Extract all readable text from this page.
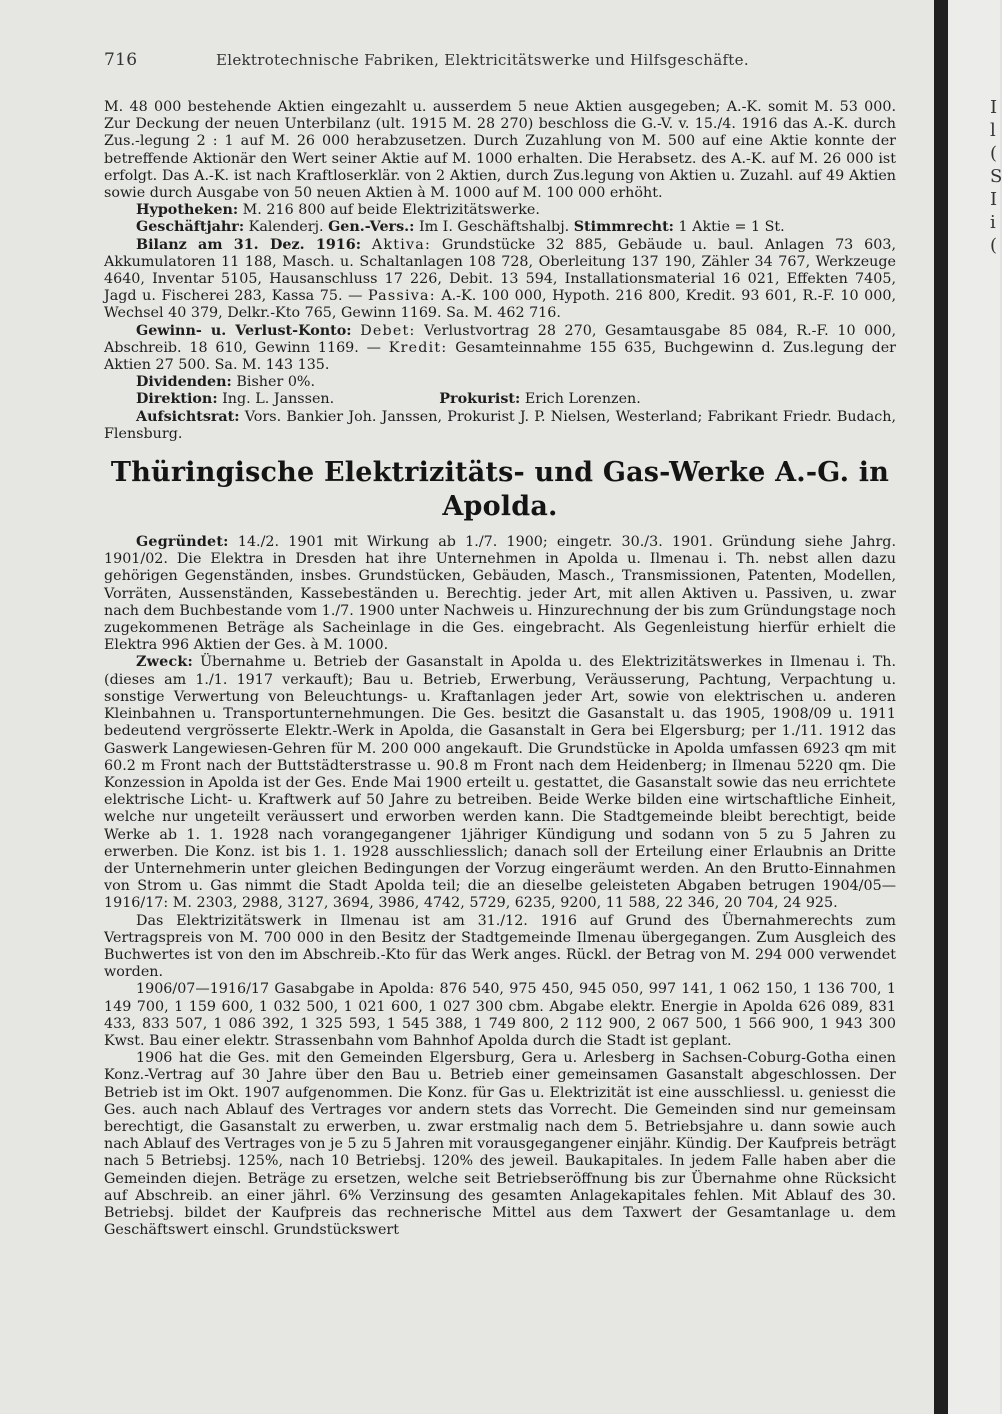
I
l
(
S
I
i
(
716	Elektrotechnische Fabriken, Elektricitätswerke und Hilfsgeschäfte.

M. 48 000 bestehende Aktien eingezahlt u. ausserdem 5 neue Aktien ausgegeben; A.-K. somit M. 53 000. Zur Deckung der neuen Unterbilanz (ult. 1915 M. 28 270) beschloss die G.-V. v. 15./4. 1916 das A.-K. durch Zus.-legung 2 : 1 auf M. 26 000 herabzusetzen. Durch Zuzahlung von M. 500 auf eine Aktie konnte der betreffende Aktionär den Wert seiner Aktie auf M. 1000 erhalten. Die Herabsetz. des A.-K. auf M. 26 000 ist erfolgt. Das A.-K. ist nach Kraftloserklär. von 2 Aktien, durch Zus.legung von Aktien u. Zuzahl. auf 49 Aktien sowie durch Ausgabe von 50 neuen Aktien à M. 1000 auf M. 100 000 erhöht.

Hypotheken: M. 216 800 auf beide Elektrizitätswerke.

Geschäftjahr: Kalenderj. Gen.-Vers.: Im I. Geschäftshalbj. Stimmrecht: 1 Aktie = 1 St.

Bilanz am 31. Dez. 1916: Aktiva: Grundstücke 32 885, Gebäude u. baul. Anlagen 73 603, Akkumulatoren 11 188, Masch. u. Schaltanlagen 108 728, Oberleitung 137 190, Zähler 34 767, Werkzeuge 4640, Inventar 5105, Hausanschluss 17 226, Debit. 13 594, Installationsmaterial 16 021, Effekten 7405, Jagd u. Fischerei 283, Kassa 75. — Passiva: A.-K. 100 000, Hypoth. 216 800, Kredit. 93 601, R.-F. 10 000, Wechsel 40 379, Delkr.-Kto 765, Gewinn 1169. Sa. M. 462 716.

Gewinn- u. Verlust-Konto: Debet: Verlustvortrag 28 270, Gesamtausgabe 85 084, R.-F. 10 000, Abschreib. 18 610, Gewinn 1169. — Kredit: Gesamteinnahme 155 635, Buchgewinn d. Zus.legung der Aktien 27 500. Sa. M. 143 135.

Dividenden: Bisher 0%.

Direktion: Ing. L. Janssen.	Prokurist: Erich Lorenzen.

Aufsichtsrat: Vors. Bankier Joh. Janssen, Prokurist J. P. Nielsen, Westerland; Fabrikant Friedr. Budach, Flensburg.

Thüringische Elektrizitäts- und Gas-Werke A.-G. in Apolda.

Gegründet: 14./2. 1901 mit Wirkung ab 1./7. 1900; eingetr. 30./3. 1901. Gründung siehe Jahrg. 1901/02. Die Elektra in Dresden hat ihre Unternehmen in Apolda u. Ilmenau i. Th. nebst allen dazu gehörigen Gegenständen, insbes. Grundstücken, Gebäuden, Masch., Transmissionen, Patenten, Modellen, Vorräten, Aussenständen, Kassebeständen u. Berechtig. jeder Art, mit allen Aktiven u. Passiven, u. zwar nach dem Buchbestande vom 1./7. 1900 unter Nachweis u. Hinzurechnung der bis zum Gründungstage noch zugekommenen Beträge als Sacheinlage in die Ges. eingebracht. Als Gegenleistung hierfür erhielt die Elektra 996 Aktien der Ges. à M. 1000.

Zweck: Übernahme u. Betrieb der Gasanstalt in Apolda u. des Elektrizitätswerkes in Ilmenau i. Th. (dieses am 1./1. 1917 verkauft); Bau u. Betrieb, Erwerbung, Veräusserung, Pachtung, Verpachtung u. sonstige Verwertung von Beleuchtungs- u. Kraftanlagen jeder Art, sowie von elektrischen u. anderen Kleinbahnen u. Transportunternehmungen. Die Ges. besitzt die Gasanstalt u. das 1905, 1908/09 u. 1911 bedeutend vergrösserte Elektr.-Werk in Apolda, die Gasanstalt in Gera bei Elgersburg; per 1./11. 1912 das Gaswerk Langewiesen-Gehren für M. 200 000 angekauft. Die Grundstücke in Apolda umfassen 6923 qm mit 60.2 m Front nach der Buttstädterstrasse u. 90.8 m Front nach dem Heidenberg; in Ilmenau 5220 qm. Die Konzession in Apolda ist der Ges. Ende Mai 1900 erteilt u. gestattet, die Gasanstalt sowie das neu errichtete elektrische Licht- u. Kraftwerk auf 50 Jahre zu betreiben. Beide Werke bilden eine wirtschaftliche Einheit, welche nur ungeteilt veräussert und erworben werden kann. Die Stadtgemeinde bleibt berechtigt, beide Werke ab 1. 1. 1928 nach vorangegangener 1jähriger Kündigung und sodann von 5 zu 5 Jahren zu erwerben. Die Konz. ist bis 1. 1. 1928 ausschliesslich; danach soll der Erteilung einer Erlaubnis an Dritte der Unternehmerin unter gleichen Bedingungen der Vorzug eingeräumt werden. An den Brutto-Einnahmen von Strom u. Gas nimmt die Stadt Apolda teil; die an dieselbe geleisteten Abgaben betrugen 1904/05—1916/17: M. 2303, 2988, 3127, 3694, 3986, 4742, 5729, 6235, 9200, 11 588, 22 346, 20 704, 24 925.

Das Elektrizitätswerk in Ilmenau ist am 31./12. 1916 auf Grund des Übernahmerechts zum Vertragspreis von M. 700 000 in den Besitz der Stadtgemeinde Ilmenau übergegangen. Zum Ausgleich des Buchwertes ist von den im Abschreib.-Kto für das Werk anges. Rückl. der Betrag von M. 294 000 verwendet worden.

1906/07—1916/17 Gasabgabe in Apolda: 876 540, 975 450, 945 050, 997 141, 1 062 150, 1 136 700, 1 149 700, 1 159 600, 1 032 500, 1 021 600, 1 027 300 cbm. Abgabe elektr. Energie in Apolda 626 089, 831 433, 833 507, 1 086 392, 1 325 593, 1 545 388, 1 749 800, 2 112 900, 2 067 500, 1 566 900, 1 943 300 Kwst. Bau einer elektr. Strassenbahn vom Bahnhof Apolda durch die Stadt ist geplant.

1906 hat die Ges. mit den Gemeinden Elgersburg, Gera u. Arlesberg in Sachsen-Coburg-Gotha einen Konz.-Vertrag auf 30 Jahre über den Bau u. Betrieb einer gemeinsamen Gasanstalt abgeschlossen. Der Betrieb ist im Okt. 1907 aufgenommen. Die Konz. für Gas u. Elektrizität ist eine ausschliessl. u. geniesst die Ges. auch nach Ablauf des Vertrages vor andern stets das Vorrecht. Die Gemeinden sind nur gemeinsam berechtigt, die Gasanstalt zu erwerben, u. zwar erstmalig nach dem 5. Betriebsjahre u. dann sowie auch nach Ablauf des Vertrages von je 5 zu 5 Jahren mit vorausgegangener einjähr. Kündig. Der Kaufpreis beträgt nach 5 Betriebsj. 125%, nach 10 Betriebsj. 120% des jeweil. Baukapitales. In jedem Falle haben aber die Gemeinden diejen. Beträge zu ersetzen, welche seit Betriebseröffnung bis zur Übernahme ohne Rücksicht auf Abschreib. an einer jährl. 6% Verzinsung des gesamten Anlagekapitales fehlen. Mit Ablauf des 30. Betriebsj. bildet der Kaufpreis das rechnerische Mittel aus dem Taxwert der Gesamtanlage u. dem Geschäftswert einschl. Grundstückswert
